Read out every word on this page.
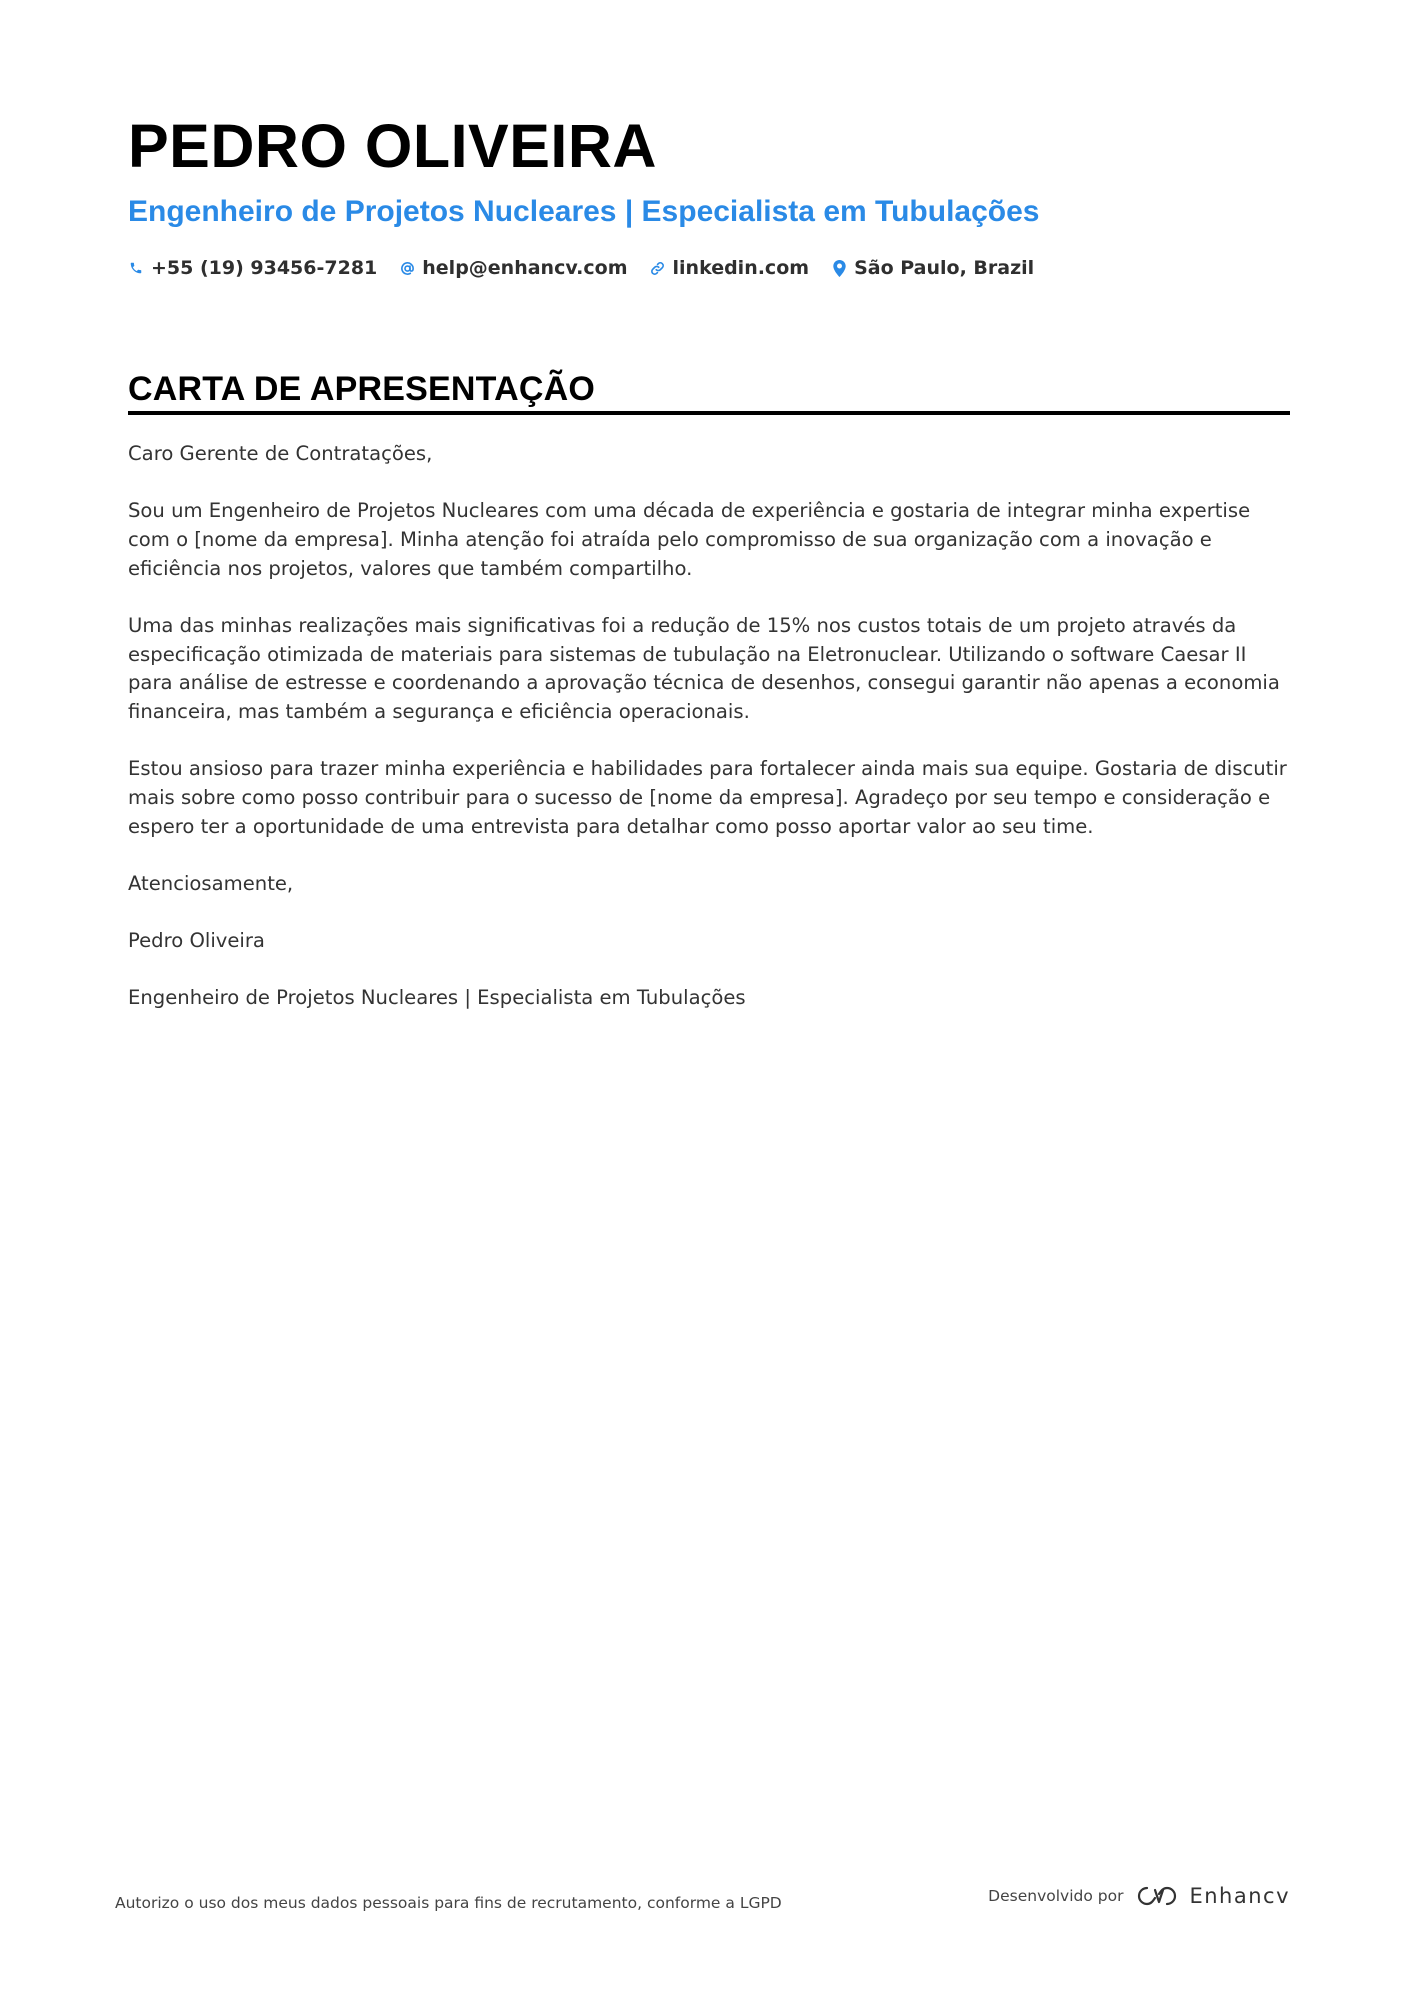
PEDRO OLIVEIRA
Engenheiro de Projetos Nucleares | Especialista em Tubulações
+55 (19) 93456-7281 help@enhancv.com linkedin.com São Paulo, Brazil
CARTA DE APRESENTAÇÃO

Caro Gerente de Contratações,

Sou um Engenheiro de Projetos Nucleares com uma década de experiência e gostaria de integrar minha expertise com o [nome da empresa]. Minha atenção foi atraída pelo compromisso de sua organização com a inovação e eficiência nos projetos, valores que também compartilho.

Uma das minhas realizações mais significativas foi a redução de 15% nos custos totais de um projeto através da especificação otimizada de materiais para sistemas de tubulação na Eletronuclear. Utilizando o software Caesar II para análise de estresse e coordenando a aprovação técnica de desenhos, consegui garantir não apenas a economia financeira, mas também a segurança e eficiência operacionais.

Estou ansioso para trazer minha experiência e habilidades para fortalecer ainda mais sua equipe. Gostaria de discutir mais sobre como posso contribuir para o sucesso de [nome da empresa]. Agradeço por seu tempo e consideração e espero ter a oportunidade de uma entrevista para detalhar como posso aportar valor ao seu time.

Atenciosamente,

Pedro Oliveira

Engenheiro de Projetos Nucleares | Especialista em Tubulações

Autorizo o uso dos meus dados pessoais para fins de recrutamento, conforme a LGPD	Desenvolvido por	Enhancv
